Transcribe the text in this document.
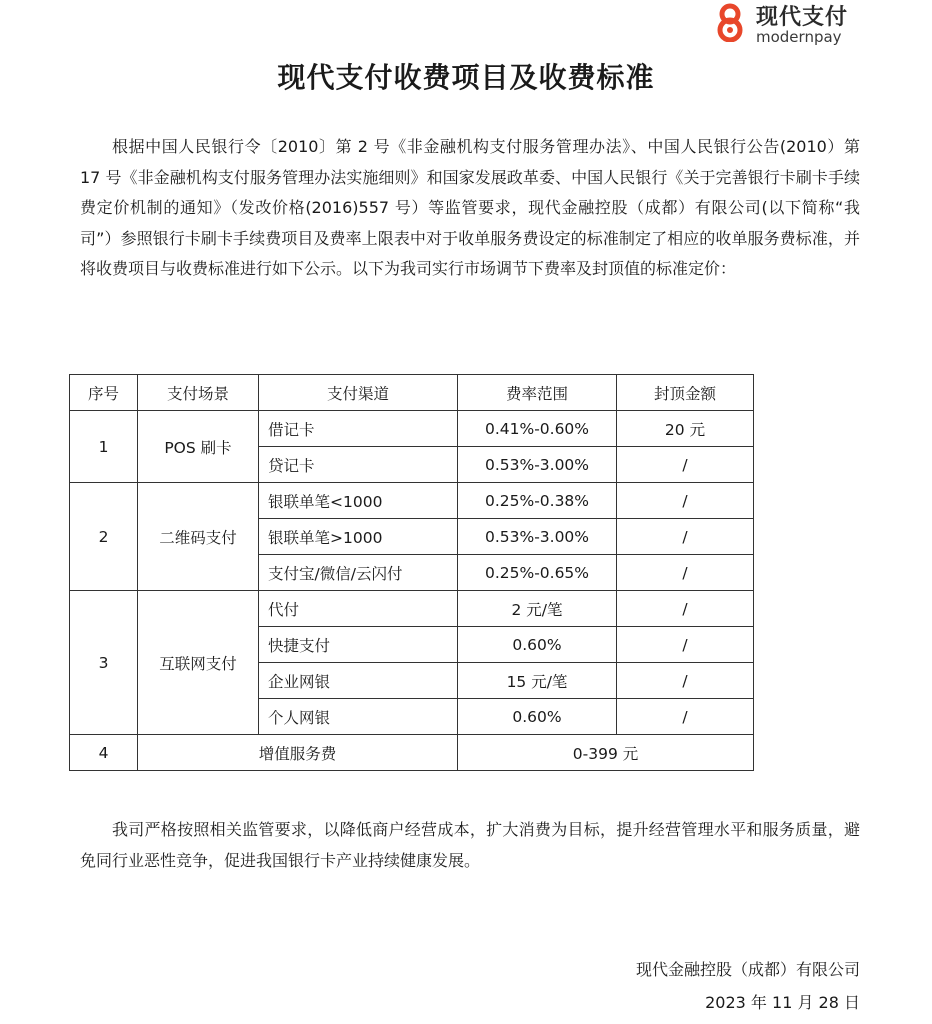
现代支付
modernpay
现代支付收费项目及收费标准

根据中国人民银行令〔2010〕第 2 号《非金融机构支付服务管理办法》、中国人民银行公告(2010）第 17 号《非金融机构支付服务管理办法实施细则》和国家发展政革委、中国人民银行《关于完善银行卡刷卡手续费定价机制的通知》（发改价格(2016)557 号）等监管要求，现代金融控股（成都）有限公司(以下简称“我司”）参照银行卡刷卡手续费项目及费率上限表中对于收单服务费设定的标准制定了相应的收单服务费标准，并将收费项目与收费标准进行如下公示。以下为我司实行市场调节下费率及封顶值的标准定价：

序号	支付场景	支付渠道	费率范围	封顶金额
1	POS 刷卡	借记卡	0.41%-0.60%	20 元
		贷记卡	0.53%-3.00%	/
2	二维码支付	银联单笔<1000	0.25%-0.38%	/
		银联单笔>1000	0.53%-3.00%	/
		支付宝/微信/云闪付	0.25%-0.65%	/
3	互联网支付	代付	2 元/笔	/
		快捷支付	0.60%	/
		企业网银	15 元/笔	/
		个人网银	0.60%	/
4	增值服务费		0-399 元	

我司严格按照相关监管要求，以降低商户经营成本，扩大消费为目标，提升经营管理水平和服务质量，避免同行业恶性竞争，促进我国银行卡产业持续健康发展。

现代金融控股（成都）有限公司
2023 年 11 月 28 日
